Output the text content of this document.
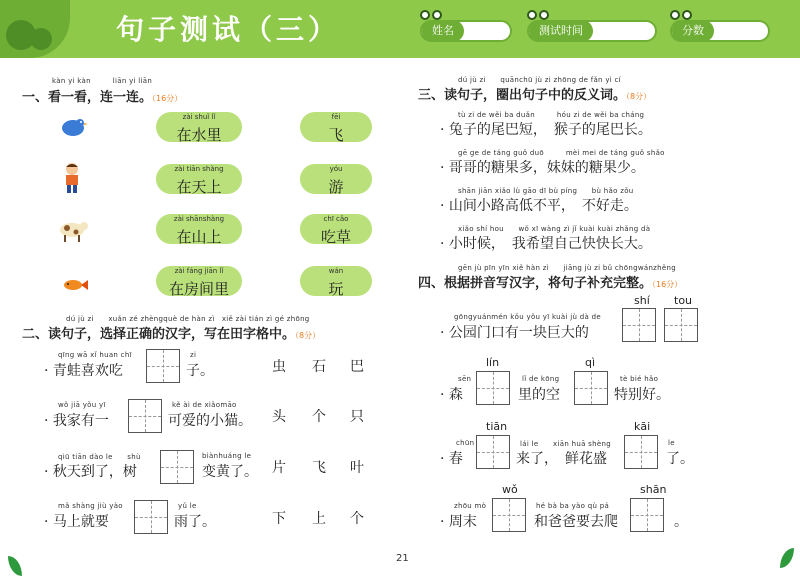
句子测试（三）	姓名	测试时间	分数
kàn yi kàn　　　liān yi liān
一、看一看，连一连。（16分）
zài shuǐ lǐ
在水里
zài tiān shàng
在天上
zài shānshàng
在山上
zài fáng jiān lǐ
在房间里
fēi
飞
yóu
游
chī cǎo
吃草
wán
玩
dú jù zi　　xuǎn zé zhèngquè de hàn zì　xiě zài tián zì gé zhōng
二、读句子，选择正确的汉字，写在田字格中。（8分）
qīng wā xǐ huan chī
· 青蛙喜欢吃
zi
子。	虫 石 巴
wǒ jiā yǒu yī
· 我家有一
kě ài de xiǎomāo
可爱的小猫。 头 个 只
qiū tiān dào le　　shù
· 秋天到了，树
biànhuáng le
变黄了。 片 飞 叶
mǎ shàng jiù yào
· 马上就要
yǔ le
雨了。	下 上 个
dú jù zi　　quānchū jù zi zhōng de fǎn yì cí
三、读句子，圈出句子中的反义词。（8分）
tù zi de wěi ba duǎn　　　hóu zi de wěi ba cháng
· 兔子的尾巴短，　猴子的尾巴长。
gē ge de táng guǒ duō　　　mèi mei de táng guǒ shǎo
· 哥哥的糖果多，妹妹的糖果少。
shān jiān xiǎo lù gāo dī bù píng　　bù hǎo zǒu
· 山间小路高低不平，　不好走。
xiǎo shí hou　　wǒ xī wàng zì jǐ kuài kuài zhǎng dà
· 小时候，　我希望自己快快长大。
gēn jù pīn yīn xiě hàn zì　　jiāng jù zi bǔ chōngwánzhěng
四、根据拼音写汉字，将句子补充完整。（16分）
shí tou
gōngyuánmén kǒu yǒu yī kuài jù dà de
· 公园门口有一块巨大的
lín	qì
sēn
· 森
lǐ de kōng
里的空
tè bié hǎo
特别好。
tiān	kāi
chūn
· 春
lái le　　xiān huā shèng
来了，　鲜花盛
le
了。
wǒ	shān
zhōu mò
· 周末
hé bà ba yào qù pá
和爸爸要去爬	。
21
